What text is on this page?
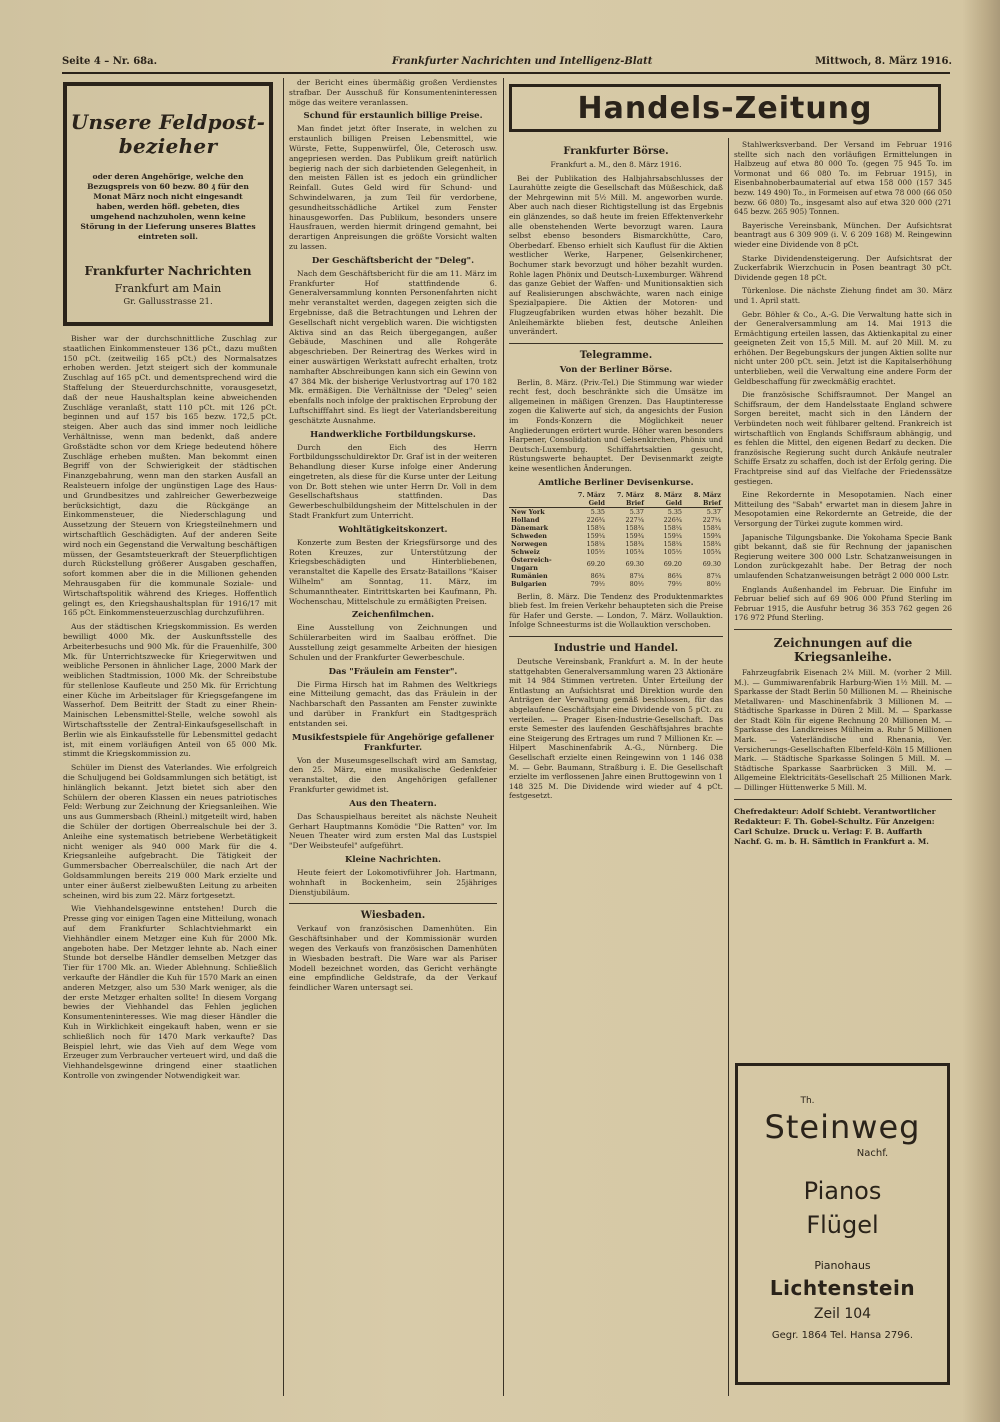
Seite 4 – Nr. 68a.	Frankfurter Nachrichten und Intelligenz-Blatt	Mittwoch, 8. März 1916.
Unsere Feldpost-bezieher
oder deren Angehörige, welche den Bezugspreis von 60 bezw. 80 ₰ für den Monat März noch nicht eingesandt haben, werden höfl. gebeten, dies umgehend nachzuholen, wenn keine Störung in der Lieferung unseres Blattes eintreten soll.
Frankfurter Nachrichten
Frankfurt am Main
Gr. Gallusstrasse 21.

Bisher war der durchschnittliche Zuschlag zur staatlichen Einkommensteuer 136 pCt., dazu mußten 150 pCt. (zeitweilig 165 pCt.) des Normalsatzes erhoben werden. Jetzt steigert sich der kommunale Zuschlag auf 165 pCt. und dementsprechend wird die Staffelung der Steuerdurchschnitte, vorausgesetzt, daß der neue Haushaltsplan keine abweichenden Zuschläge veranlaßt, statt 110 pCt. mit 126 pCt. beginnen und auf 157 bis 165 bezw. 172,5 pCt. steigen. Aber auch das sind immer noch leidliche Verhältnisse, wenn man bedenkt, daß andere Großstädte schon vor dem Kriege bedeutend höhere Zuschläge erheben mußten. Man bekommt einen Begriff von der Schwierigkeit der städtischen Finanzgebahrung, wenn man den starken Ausfall an Realsteuern infolge der ungünstigen Lage des Haus- und Grundbesitzes und zahlreicher Gewerbezweige berücksichtigt, dazu die Rückgänge an Einkommensteuer, die Niederschlagung und Aussetzung der Steuern von Kriegsteilnehmern und wirtschaftlich Geschädigten. Auf der anderen Seite wird noch ein Gegenstand die Verwaltung beschäftigen müssen, der Gesamtsteuerkraft der Steuerpflichtigen durch Rückstellung größerer Ausgaben geschaffen, sofort kommen aber die in die Millionen gehenden Mehrausgaben für die kommunale Soziale- und Wirtschaftspolitik während des Krieges. Hoffentlich gelingt es, den Kriegshaushaltsplan für 1916/17 mit 165 pCt. Einkommensteuerzuschlag durchzuführen.

Aus der städtischen Kriegskommission. Es werden bewilligt 4000 Mk. der Auskunftsstelle des Arbeiterbesuchs und 900 Mk. für die Frauenhilfe, 300 Mk. für Unterrichtszwecke für Kriegerwitwen und weibliche Personen in ähnlicher Lage, 2000 Mark der weiblichen Stadtmission, 1000 Mk. der Schreibstube für stellenlose Kaufleute und 250 Mk. für Errichtung einer Küche im Arbeitslager für Kriegsgefangene im Wasserhof. Dem Beitritt der Stadt zu einer Rhein-Mainischen Lebensmittel-Stelle, welche sowohl als Wirtschaftsstelle der Zentral-Einkaufsgesellschaft in Berlin wie als Einkaufsstelle für Lebensmittel gedacht ist, mit einem vorläufigen Anteil von 65 000 Mk. stimmt die Kriegskommission zu.

Schüler im Dienst des Vaterlandes. Wie erfolgreich die Schuljugend bei Goldsammlungen sich betätigt, ist hinlänglich bekannt. Jetzt bietet sich aber den Schülern der oberen Klassen ein neues patriotisches Feld: Werbung zur Zeichnung der Kriegsanleihen. Wie uns aus Gummersbach (Rheinl.) mitgeteilt wird, haben die Schüler der dortigen Oberrealschule bei der 3. Anleihe eine systematisch betriebene Werbetätigkeit nicht weniger als 940 000 Mark für die 4. Kriegsanleihe aufgebracht. Die Tätigkeit der Gummersbacher Oberrealschüler, die nach Art der Goldsammlungen bereits 219 000 Mark erzielte und unter einer äußerst zielbewußten Leitung zu arbeiten scheinen, wird bis zum 22. März fortgesetzt.

Wie Viehhandelsgewinne entstehen! Durch die Presse ging vor einigen Tagen eine Mitteilung, wonach auf dem Frankfurter Schlachtviehmarkt ein Viehhändler einem Metzger eine Kuh für 2000 Mk. angeboten habe. Der Metzger lehnte ab. Nach einer Stunde bot derselbe Händler demselben Metzger das Tier für 1700 Mk. an. Wieder Ablehnung. Schließlich verkaufte der Händler die Kuh für 1570 Mark an einen anderen Metzger, also um 530 Mark weniger, als die der erste Metzger erhalten sollte! In diesem Vorgang bewies der Viehhandel das Fehlen jeglichen Konsumenteninteresses. Wie mag dieser Händler die Kuh in Wirklichkeit eingekauft haben, wenn er sie schließlich noch für 1470 Mark verkaufte? Das Beispiel lehrt, wie das Vieh auf dem Wege vom Erzeuger zum Verbraucher verteuert wird, und daß die Viehhandelsgewinne dringend einer staatlichen Kontrolle von zwingender Notwendigkeit war.

der Bericht eines übermäßig großen Verdienstes strafbar. Der Ausschuß für Konsumenteninteressen möge das weitere veranlassen.

Schund für erstaunlich billige Preise.

Man findet jetzt öfter Inserate, in welchen zu erstaunlich billigen Preisen Lebensmittel, wie Würste, Fette, Suppenwürfel, Öle, Ceterosch usw. angepriesen werden. Das Publikum greift natürlich begierig nach der sich darbietenden Gelegenheit, in den meisten Fällen ist es jedoch ein gründlicher Reinfall. Gutes Geld wird für Schund- und Schwindelwaren, ja zum Teil für verdorbene, gesundheitsschädliche Artikel zum Fenster hinausgeworfen. Das Publikum, besonders unsere Hausfrauen, werden hiermit dringend gemahnt, bei derartigen Anpreisungen die größte Vorsicht walten zu lassen.

Der Geschäftsbericht der "Deleg".

Nach dem Geschäftsbericht für die am 11. März im Frankfurter Hof stattfindende 6. Generalversammlung konnten Personenfahrten nicht mehr veranstaltet werden, dagegen zeigten sich die Ergebnisse, daß die Betrachtungen und Lehren der Gesellschaft nicht vergeblich waren. Die wichtigsten Aktiva sind an das Reich übergegangen, außer Gebäude, Maschinen und alle Rohgeräte abgeschrieben. Der Reinertrag des Werkes wird in einer auswärtigen Werkstatt aufrecht erhalten, trotz namhafter Abschreibungen kann sich ein Gewinn von 47 384 Mk. der bisherige Verlustvortrag auf 170 182 Mk. ermäßigen. Die Verhältnisse der "Deleg" seien ebenfalls noch infolge der praktischen Erprobung der Luftschifffahrt sind. Es liegt der Vaterlandsbereitung geschätzte Ausnahme.

Handwerkliche Fortbildungskurse.

Durch den Eich des Herrn Fortbildungsschuldirektor Dr. Graf ist in der weiteren Behandlung dieser Kurse infolge einer Anderung eingetreten, als diese für die Kurse unter der Leitung von Dr. Bott stehen wie unter Herrn Dr. Voll in dem Gesellschaftshaus stattfinden. Das Gewerbeschulbildungsheim der Mittelschulen in der Stadt Frankfurt zum Unterricht.

Wohltätigkeitskonzert.

Konzerte zum Besten der Kriegsfürsorge und des Roten Kreuzes, zur Unterstützung der Kriegsbeschädigten und Hinterbliebenen, veranstaltet die Kapelle des Ersatz-Bataillons "Kaiser Wilhelm" am Sonntag, 11. März, im Schumanntheater. Eintrittskarten bei Kaufmann, Ph. Wochenschau, Mittelschule zu ermäßigten Preisen.

Zeichenfilmchen.

Eine Ausstellung von Zeichnungen und Schülerarbeiten wird im Saalbau eröffnet. Die Ausstellung zeigt gesammelte Arbeiten der hiesigen Schulen und der Frankfurter Gewerbeschule.

Das "Fräulein am Fenster".

Die Firma Hirsch hat im Rahmen des Weltkriegs eine Mitteilung gemacht, das das Fräulein in der Nachbarschaft den Passanten am Fenster zuwinkte und darüber in Frankfurt ein Stadtgespräch entstanden sei.

Musikfestspiele für Angehörige gefallener Frankfurter.

Von der Museumsgesellschaft wird am Samstag, den 25. März, eine musikalische Gedenkfeier veranstaltet, die den Angehörigen gefallener Frankfurter gewidmet ist.

Aus den Theatern.

Das Schauspielhaus bereitet als nächste Neuheit Gerhart Hauptmanns Komödie "Die Ratten" vor. Im Neuen Theater wird zum ersten Mal das Lustspiel "Der Weibsteufel" aufgeführt.

Kleine Nachrichten.

Heute feiert der Lokomotivführer Joh. Hartmann, wohnhaft in Bockenheim, sein 25jähriges Dienstjubiläum.

Wiesbaden.

Verkauf von französischen Damenhüten. Ein Geschäftsinhaber und der Kommissionär wurden wegen des Verkaufs von französischen Damenhüten in Wiesbaden bestraft. Die Ware war als Pariser Modell bezeichnet worden, das Gericht verhängte eine empfindliche Geldstrafe, da der Verkauf feindlicher Waren untersagt sei.

Handels-Zeitung
Frankfurter Börse.

Frankfurt a. M., den 8. März 1916.

Bei der Publikation des Halbjahrsabschlusses der Laurahütte zeigte die Gesellschaft das Müßeschick, daß der Mehrgewinn mit 5½ Mill. M. angeworben wurde. Aber auch nach dieser Richtigstellung ist das Ergebnis ein glänzendes, so daß heute im freien Effektenverkehr alle obenstehenden Werte bevorzugt waren. Laura selbst ebenso besonders Bismarckhütte, Caro, Oberbedarf. Ebenso erhielt sich Kauflust für die Aktien westlicher Werke, Harpener, Gelsenkirchener, Bochumer stark bevorzugt und höher bezahlt wurden. Rohle lagen Phönix und Deutsch-Luxemburger. Während das ganze Gebiet der Waffen- und Munitionsaktien sich auf Realisierungen abschwächte, waren nach einige Spezialpapiere. Die Aktien der Motoren- und Flugzeugfabriken wurden etwas höher bezahlt. Die Anleihemärkte blieben fest, deutsche Anleihen unverändert.

Telegramme.
Von der Berliner Börse.

Berlin, 8. März. (Priv.-Tel.) Die Stimmung war wieder recht fest, doch beschränkte sich die Umsätze im allgemeinen in mäßigen Grenzen. Das Hauptinteresse zogen die Kaliwerte auf sich, da angesichts der Fusion im Fonds-Konzern die Möglichkeit neuer Angliederungen erörtert wurde. Höher waren besonders Harpener, Consolidation und Gelsenkirchen, Phönix und Deutsch-Luxemburg. Schiffahrtsaktien gesucht, Rüstungswerte behauptet. Der Devisenmarkt zeigte keine wesentlichen Änderungen.

Amtliche Berliner Devisenkurse.
	7. März Geld	7. März Brief	8. März Geld	8. März Brief
New York	5.35	5.37	5.35	5.37
Holland	226¾	227¼	226¾	227¼
Dänemark	158¼	158¾	158¼	158¾
Schweden	159¼	159¾	159¼	159¾
Norwegen	158¼	158¾	158¼	158¾
Schweiz	105½	105¾	105½	105¾
Österreich-Ungarn	69.20	69.30	69.20	69.30
Rumänien	86¾	87¼	86¾	87¼
Bulgarien	79½	80½	79½	80½

Berlin, 8. März. Die Tendenz des Produktenmarktes blieb fest. Im freien Verkehr behaupteten sich die Preise für Hafer und Gerste. — London, 7. März. Wollauktion. Infolge Schneesturms ist die Wollauktion verschoben.

Industrie und Handel.

Deutsche Vereinsbank, Frankfurt a. M. In der heute stattgehabten Generalversammlung waren 23 Aktionäre mit 14 984 Stimmen vertreten. Unter Erteilung der Entlastung an Aufsichtsrat und Direktion wurde den Anträgen der Verwaltung gemäß beschlossen, für das abgelaufene Geschäftsjahr eine Dividende von 5 pCt. zu verteilen. — Prager Eisen-Industrie-Gesellschaft. Das erste Semester des laufenden Geschäftsjahres brachte eine Steigerung des Ertrages um rund 7 Millionen Kr. — Hilpert Maschinenfabrik A.-G., Nürnberg. Die Gesellschaft erzielte einen Reingewinn von 1 146 038 M. — Gebr. Baumann, Straßburg i. E. Die Gesellschaft erzielte im verflossenen Jahre einen Bruttogewinn von 1 148 325 M. Die Dividende wird wieder auf 4 pCt. festgesetzt.

Stahlwerksverband. Der Versand im Februar 1916 stellte sich nach den vorläufigen Ermittelungen in Halbzeug auf etwa 80 000 To. (gegen 75 945 To. im Vormonat und 66 080 To. im Februar 1915), in Eisenbahnoberbaumaterial auf etwa 158 000 (157 345 bezw. 149 490) To., in Formeisen auf etwa 78 000 (66 050 bezw. 66 080) To., insgesamt also auf etwa 320 000 (271 645 bezw. 265 905) Tonnen.

Bayerische Vereinsbank, München. Der Aufsichtsrat beantragt aus 6 309 909 (i. V. 6 209 168) M. Reingewinn wieder eine Dividende von 8 pCt.

Starke Dividendensteigerung. Der Aufsichtsrat der Zuckerfabrik Wierzchucin in Posen beantragt 30 pCt. Dividende gegen 18 pCt.

Türkenlose. Die nächste Ziehung findet am 30. März und 1. April statt.

Gebr. Böhler & Co., A.-G. Die Verwaltung hatte sich in der Generalversammlung am 14. Mai 1913 die Ermächtigung erteilen lassen, das Aktienkapital zu einer geeigneten Zeit von 15,5 Mill. M. auf 20 Mill. M. zu erhöhen. Der Begebungskurs der jungen Aktien sollte nur nicht unter 200 pCt. sein. Jetzt ist die Kapitalserhöhung unterblieben, weil die Verwaltung eine andere Form der Geldbeschaffung für zweckmäßig erachtet.

Die französische Schiffsraumnot. Der Mangel an Schiffsraum, der dem Handelsstaate England schwere Sorgen bereitet, macht sich in den Ländern der Verbündeten noch weit fühlbarer geltend. Frankreich ist wirtschaftlich von Englands Schiffsraum abhängig, und es fehlen die Mittel, den eigenen Bedarf zu decken. Die französische Regierung sucht durch Ankäufe neutraler Schiffe Ersatz zu schaffen, doch ist der Erfolg gering. Die Frachtpreise sind auf das Vielfache der Friedenssätze gestiegen.

Eine Rekordernte in Mesopotamien. Nach einer Mitteilung des "Sabah" erwartet man in diesem Jahre in Mesopotamien eine Rekordernte an Getreide, die der Versorgung der Türkei zugute kommen wird.

Japanische Tilgungsbanke. Die Yokohama Specie Bank gibt bekannt, daß sie für Rechnung der japanischen Regierung weitere 300 000 Lstr. Schatzanweisungen in London zurückgezahlt habe. Der Betrag der noch umlaufenden Schatzanweisungen beträgt 2 000 000 Lstr.

Englands Außenhandel im Februar. Die Einfuhr im Februar belief sich auf 69 906 000 Pfund Sterling im Februar 1915, die Ausfuhr betrug 36 353 762 gegen 26 176 972 Pfund Sterling.

Zeichnungen auf die Kriegsanleihe.

Fahrzeugfabrik Eisenach 2¼ Mill. M. (vorher 2 Mill. M.). — Gummiwarenfabrik Harburg-Wien 1½ Mill. M. — Sparkasse der Stadt Berlin 50 Millionen M. — Rheinische Metallwaren- und Maschinenfabrik 3 Millionen M. — Städtische Sparkasse in Düren 2 Mill. M. — Sparkasse der Stadt Köln für eigene Rechnung 20 Millionen M. — Sparkasse des Landkreises Mülheim a. Ruhr 5 Millionen Mark. — Vaterländische und Rhenania, Ver. Versicherungs-Gesellschaften Elberfeld-Köln 15 Millionen Mark. — Städtische Sparkasse Solingen 5 Mill. M. — Städtische Sparkasse Saarbrücken 3 Mill. M. — Allgemeine Elektricitäts-Gesellschaft 25 Millionen Mark. — Dillinger Hüttenwerke 5 Mill. M.

Chefredakteur: Adolf Schiebt. Verantwortlicher Redakteur: F. Th. Gobel-Schultz. Für Anzeigen: Carl Schulze. Druck u. Verlag: F. B. Auffarth Nachf. G. m. b. H. Sämtlich in Frankfurt a. M.

Th.
Steinweg
Nachf.
Pianos
Flügel
Pianohaus
Lichtenstein
Zeil 104
Gegr. 1864 Tel. Hansa 2796.
